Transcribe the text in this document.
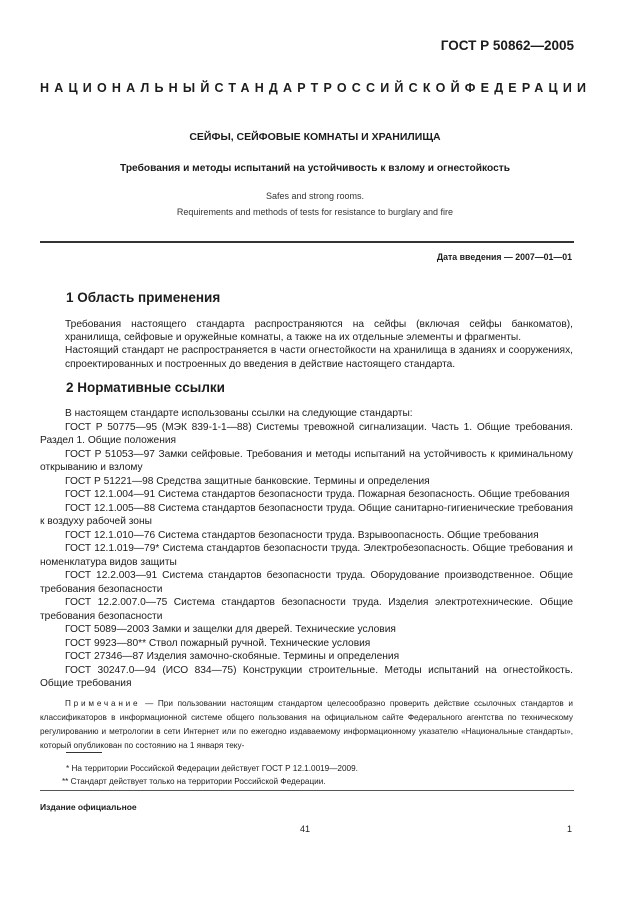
ГОСТ Р 50862—2005
НАЦИОНАЛЬНЫЙ СТАНДАРТ РОССИЙСКОЙ ФЕДЕРАЦИИ
СЕЙФЫ, СЕЙФОВЫЕ КОМНАТЫ И ХРАНИЛИЩА
Требования и методы испытаний на устойчивость к взлому и огнестойкость
Safes and strong rooms.
Requirements and methods of tests for resistance to burglary and fire
Дата введения — 2007—01—01
1 Область применения
Требования настоящего стандарта распространяются на сейфы (включая сейфы банкоматов), хранилища, сейфовые и оружейные комнаты, а также на их отдельные элементы и фрагменты.
Настоящий стандарт не распространяется в части огнестойкости на хранилища в зданиях и сооружениях, спроектированных и построенных до введения в действие настоящего стандарта.
2 Нормативные ссылки

В настоящем стандарте использованы ссылки на следующие стандарты:

ГОСТ Р 50775—95 (МЭК 839-1-1—88) Системы тревожной сигнализации. Часть 1. Общие требования. Раздел 1. Общие положения

ГОСТ Р 51053—97 Замки сейфовые. Требования и методы испытаний на устойчивость к криминальному открыванию и взлому

ГОСТ Р 51221—98 Средства защитные банковские. Термины и определения

ГОСТ 12.1.004—91 Система стандартов безопасности труда. Пожарная безопасность. Общие требования

ГОСТ 12.1.005—88 Система стандартов безопасности труда. Общие санитарно-гигиенические требования к воздуху рабочей зоны

ГОСТ 12.1.010—76 Система стандартов безопасности труда. Взрывоопасность. Общие требования

ГОСТ 12.1.019—79* Система стандартов безопасности труда. Электробезопасность. Общие требования и номенклатура видов защиты

ГОСТ 12.2.003—91 Система стандартов безопасности труда. Оборудование производственное. Общие требования безопасности

ГОСТ 12.2.007.0—75 Система стандартов безопасности труда. Изделия электротехнические. Общие требования безопасности

ГОСТ 5089—2003 Замки и защелки для дверей. Технические условия

ГОСТ 9923—80** Ствол пожарный ручной. Технические условия

ГОСТ 27346—87 Изделия замочно-скобяные. Термины и определения

ГОСТ 30247.0—94 (ИСО 834—75) Конструкции строительные. Методы испытаний на огнестойкость. Общие требования

Примечание — При пользовании настоящим стандартом целесообразно проверить действие ссылочных стандартов и классификаторов в информационной системе общего пользования на официальном сайте Федерального агентства по техническому регулированию и метрологии в сети Интернет или по ежегодно издаваемому информационному указателю «Национальные стандарты», который опубликован по состоянию на 1 января теку-

* На территории Российской Федерации действует ГОСТ Р 12.1.0019—2009.
** Стандарт действует только на территории Российской Федерации.
Издание официальное
41	1
